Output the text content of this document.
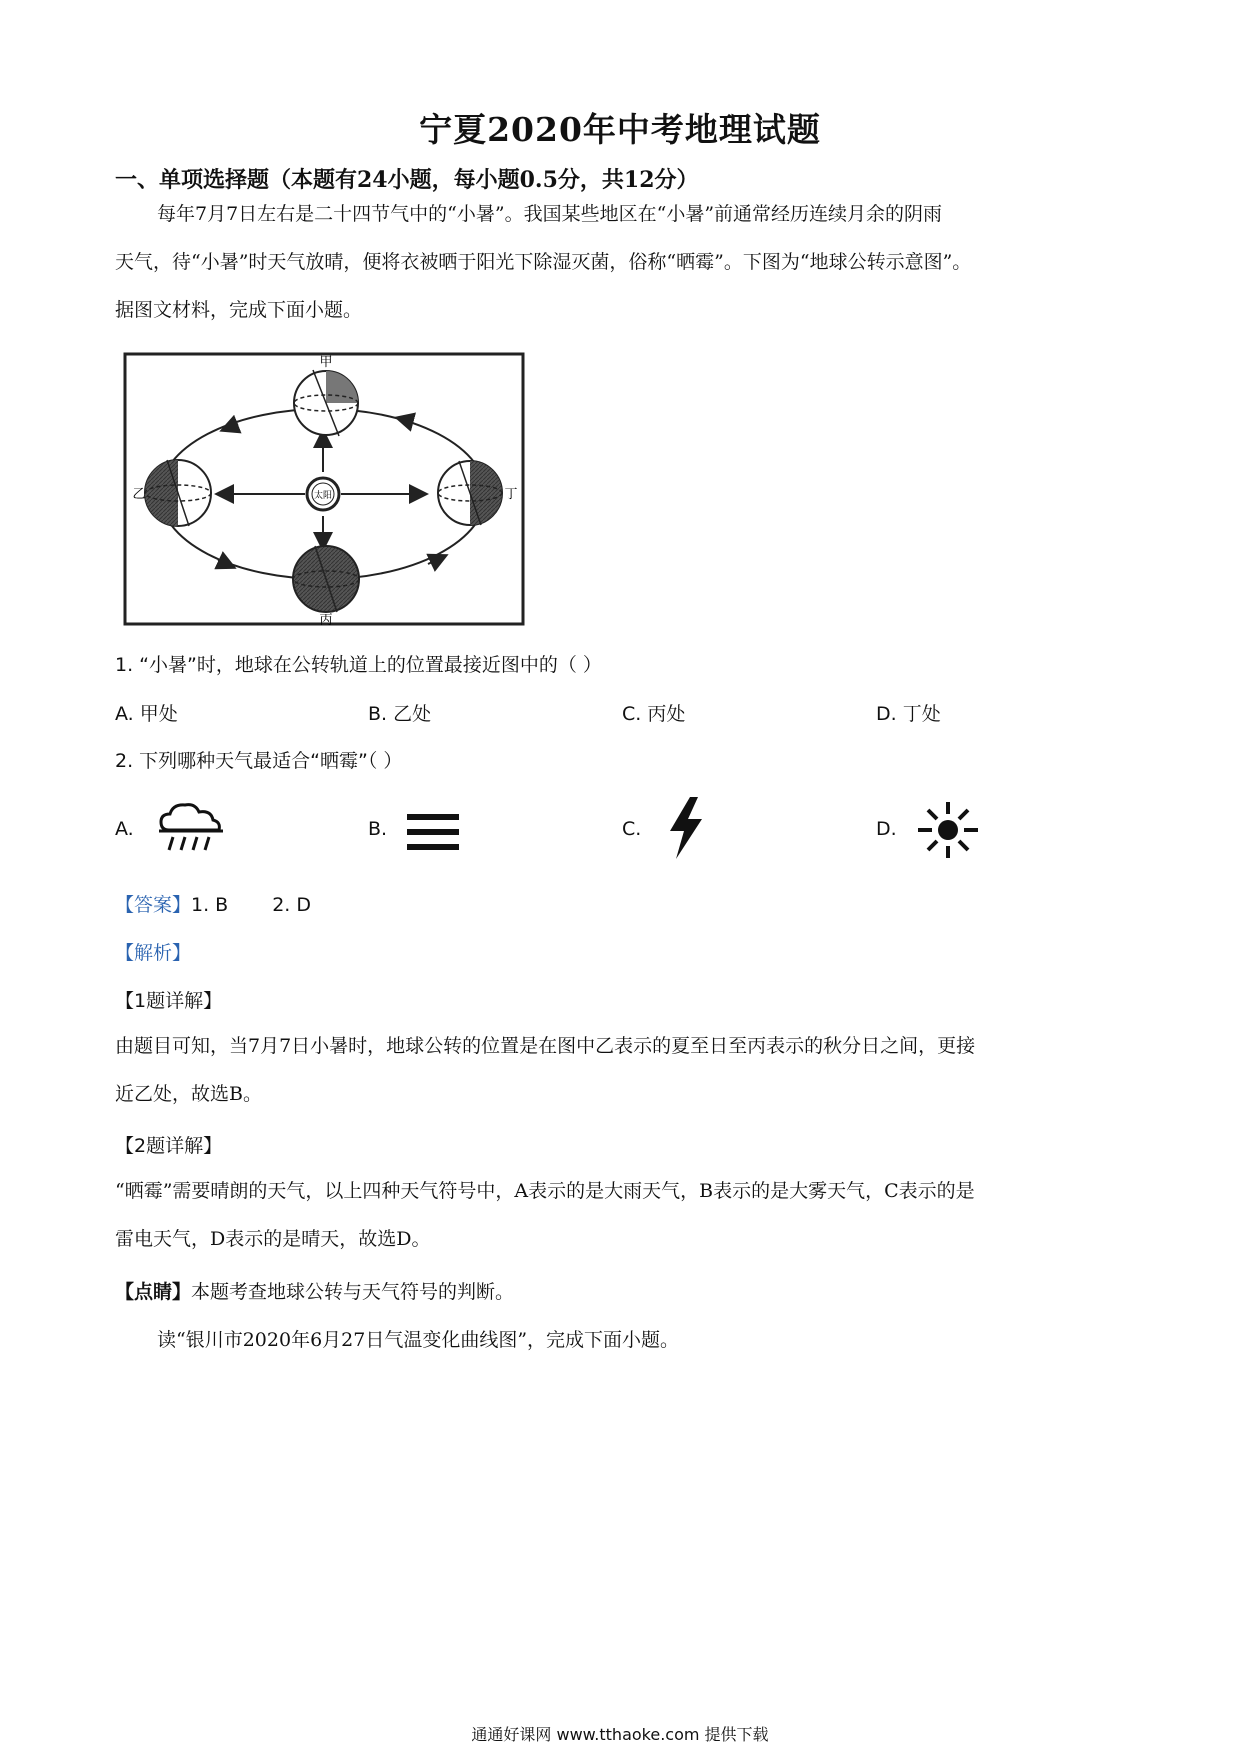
宁夏2020年中考地理试题
一、单项选择题（本题有24小题，每小题0.5分，共12分）
每年7月7日左右是二十四节气中的“小暑”。我国某些地区在“小暑”前通常经历连续月余的阴雨
天气，待“小暑”时天气放晴，便将衣被晒于阳光下除湿灭菌，俗称“晒霉”。下图为“地球公转示意图”。
据图文材料，完成下面小题。
太阳
甲
乙
丙
丁
1. “小暑”时，地球在公转轨道上的位置最接近图中的（ ）
A. 甲处	B. 乙处	C. 丙处	D. 丁处
2. 下列哪种天气最适合“晒霉”（ ）
A.	B.	C.	D.
【答案】1. B 2. D
【解析】
【1题详解】
由题目可知，当7月7日小暑时，地球公转的位置是在图中乙表示的夏至日至丙表示的秋分日之间，更接
近乙处，故选B。
【2题详解】
“晒霉”需要晴朗的天气，以上四种天气符号中，A表示的是大雨天气，B表示的是大雾天气，C表示的是
雷电天气，D表示的是晴天，故选D。
【点睛】本题考查地球公转与天气符号的判断。
读“银川市2020年6月27日气温变化曲线图”，完成下面小题。
通通好课网 www.tthaoke.com 提供下载
